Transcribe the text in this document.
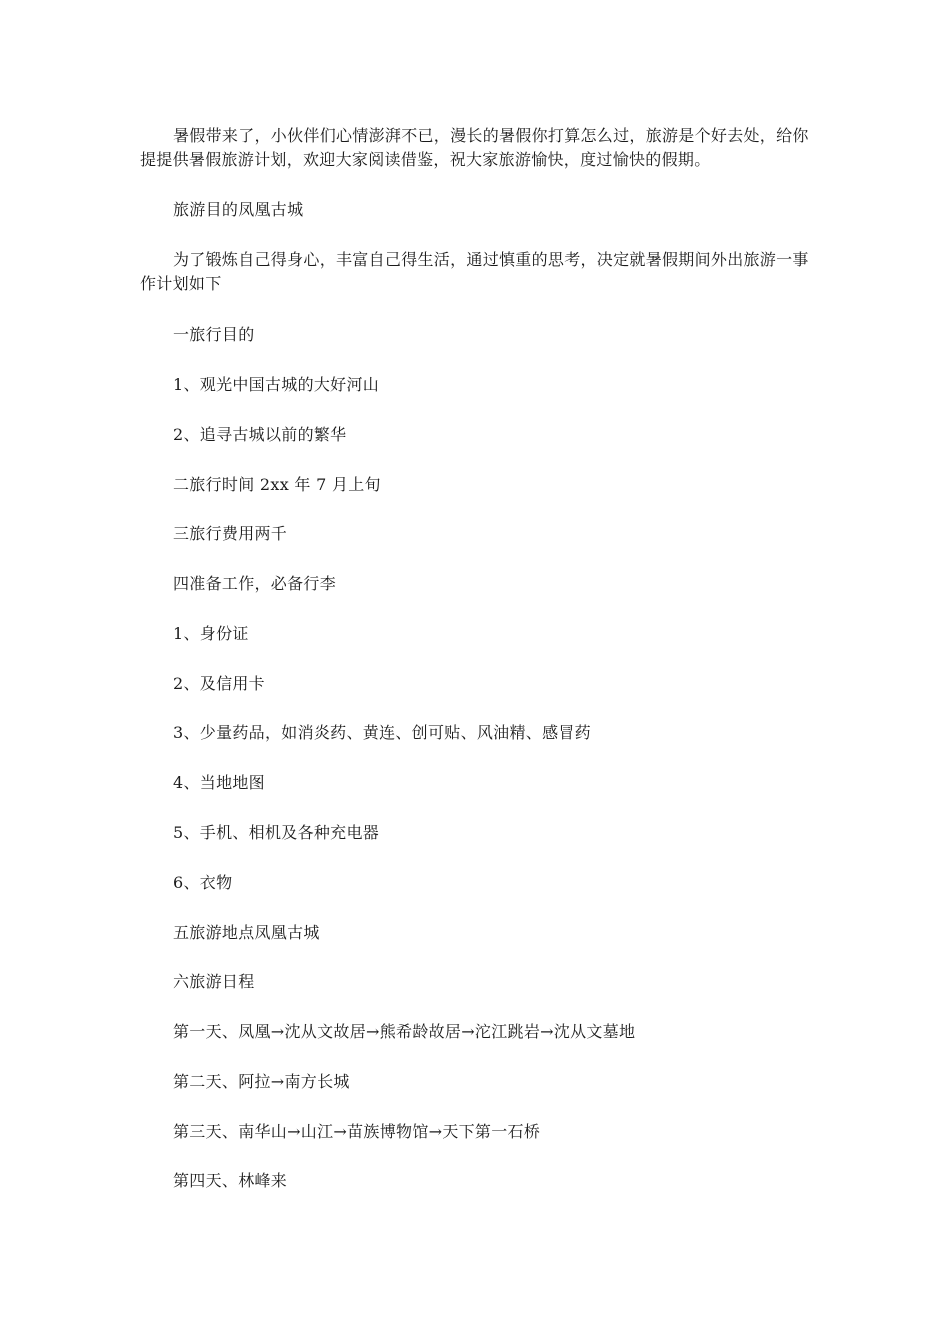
暑假带来了，小伙伴们心情澎湃不已，漫长的暑假你打算怎么过，旅游是个好去处，给你提提供暑假旅游计划，欢迎大家阅读借鉴，祝大家旅游愉快，度过愉快的假期。

旅游目的凤凰古城

为了锻炼自己得身心，丰富自己得生活，通过慎重的思考，决定就暑假期间外出旅游一事作计划如下

一旅行目的

1、观光中国古城的大好河山

2、追寻古城以前的繁华

二旅行时间 2xx 年 7 月上旬

三旅行费用两千

四准备工作，必备行李

1、身份证

2、及信用卡

3、少量药品，如消炎药、黄连、创可贴、风油精、感冒药

4、当地地图

5、手机、相机及各种充电器

6、衣物

五旅游地点凤凰古城

六旅游日程

第一天、凤凰→沈从文故居→熊希龄故居→沱江跳岩→沈从文墓地

第二天、阿拉→南方长城

第三天、南华山→山江→苗族博物馆→天下第一石桥

第四天、林峰来
